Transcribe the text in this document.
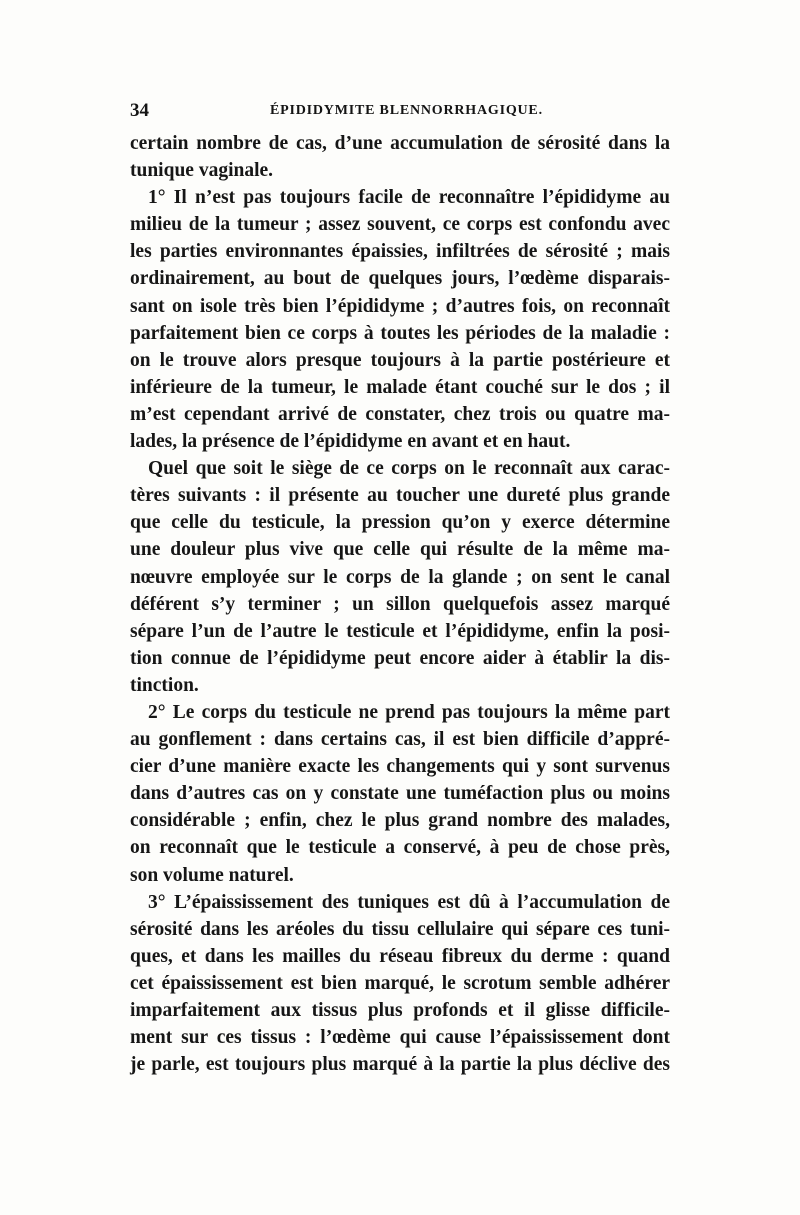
34	ÉPIDIDYMITE BLENNORRHAGIQUE.
certain nombre de cas, d’une accumulation de sérosité dans la
tunique vaginale.
1° Il n’est pas toujours facile de reconnaître l’épididyme au
milieu de la tumeur ; assez souvent, ce corps est confondu avec
les parties environnantes épaissies, infiltrées de sérosité ; mais
ordinairement, au bout de quelques jours, l’œdème disparais-
sant on isole très bien l’épididyme ; d’autres fois, on reconnaît
parfaitement bien ce corps à toutes les périodes de la maladie :
on le trouve alors presque toujours à la partie postérieure et
inférieure de la tumeur, le malade étant couché sur le dos ; il
m’est cependant arrivé de constater, chez trois ou quatre ma-
lades, la présence de l’épididyme en avant et en haut.
Quel que soit le siège de ce corps on le reconnaît aux carac-
tères suivants : il présente au toucher une dureté plus grande
que celle du testicule, la pression qu’on y exerce détermine
une douleur plus vive que celle qui résulte de la même ma-
nœuvre employée sur le corps de la glande ; on sent le canal
déférent s’y terminer ; un sillon quelquefois assez marqué
sépare l’un de l’autre le testicule et l’épididyme, enfin la posi-
tion connue de l’épididyme peut encore aider à établir la dis-
tinction.
2° Le corps du testicule ne prend pas toujours la même part
au gonflement : dans certains cas, il est bien difficile d’appré-
cier d’une manière exacte les changements qui y sont survenus
dans d’autres cas on y constate une tuméfaction plus ou moins
considérable ; enfin, chez le plus grand nombre des malades,
on reconnaît que le testicule a conservé, à peu de chose près,
son volume naturel.
3° L’épaississement des tuniques est dû à l’accumulation de
sérosité dans les aréoles du tissu cellulaire qui sépare ces tuni-
ques, et dans les mailles du réseau fibreux du derme : quand
cet épaississement est bien marqué, le scrotum semble adhérer
imparfaitement aux tissus plus profonds et il glisse difficile-
ment sur ces tissus : l’œdème qui cause l’épaississement dont
je parle, est toujours plus marqué à la partie la plus déclive des
